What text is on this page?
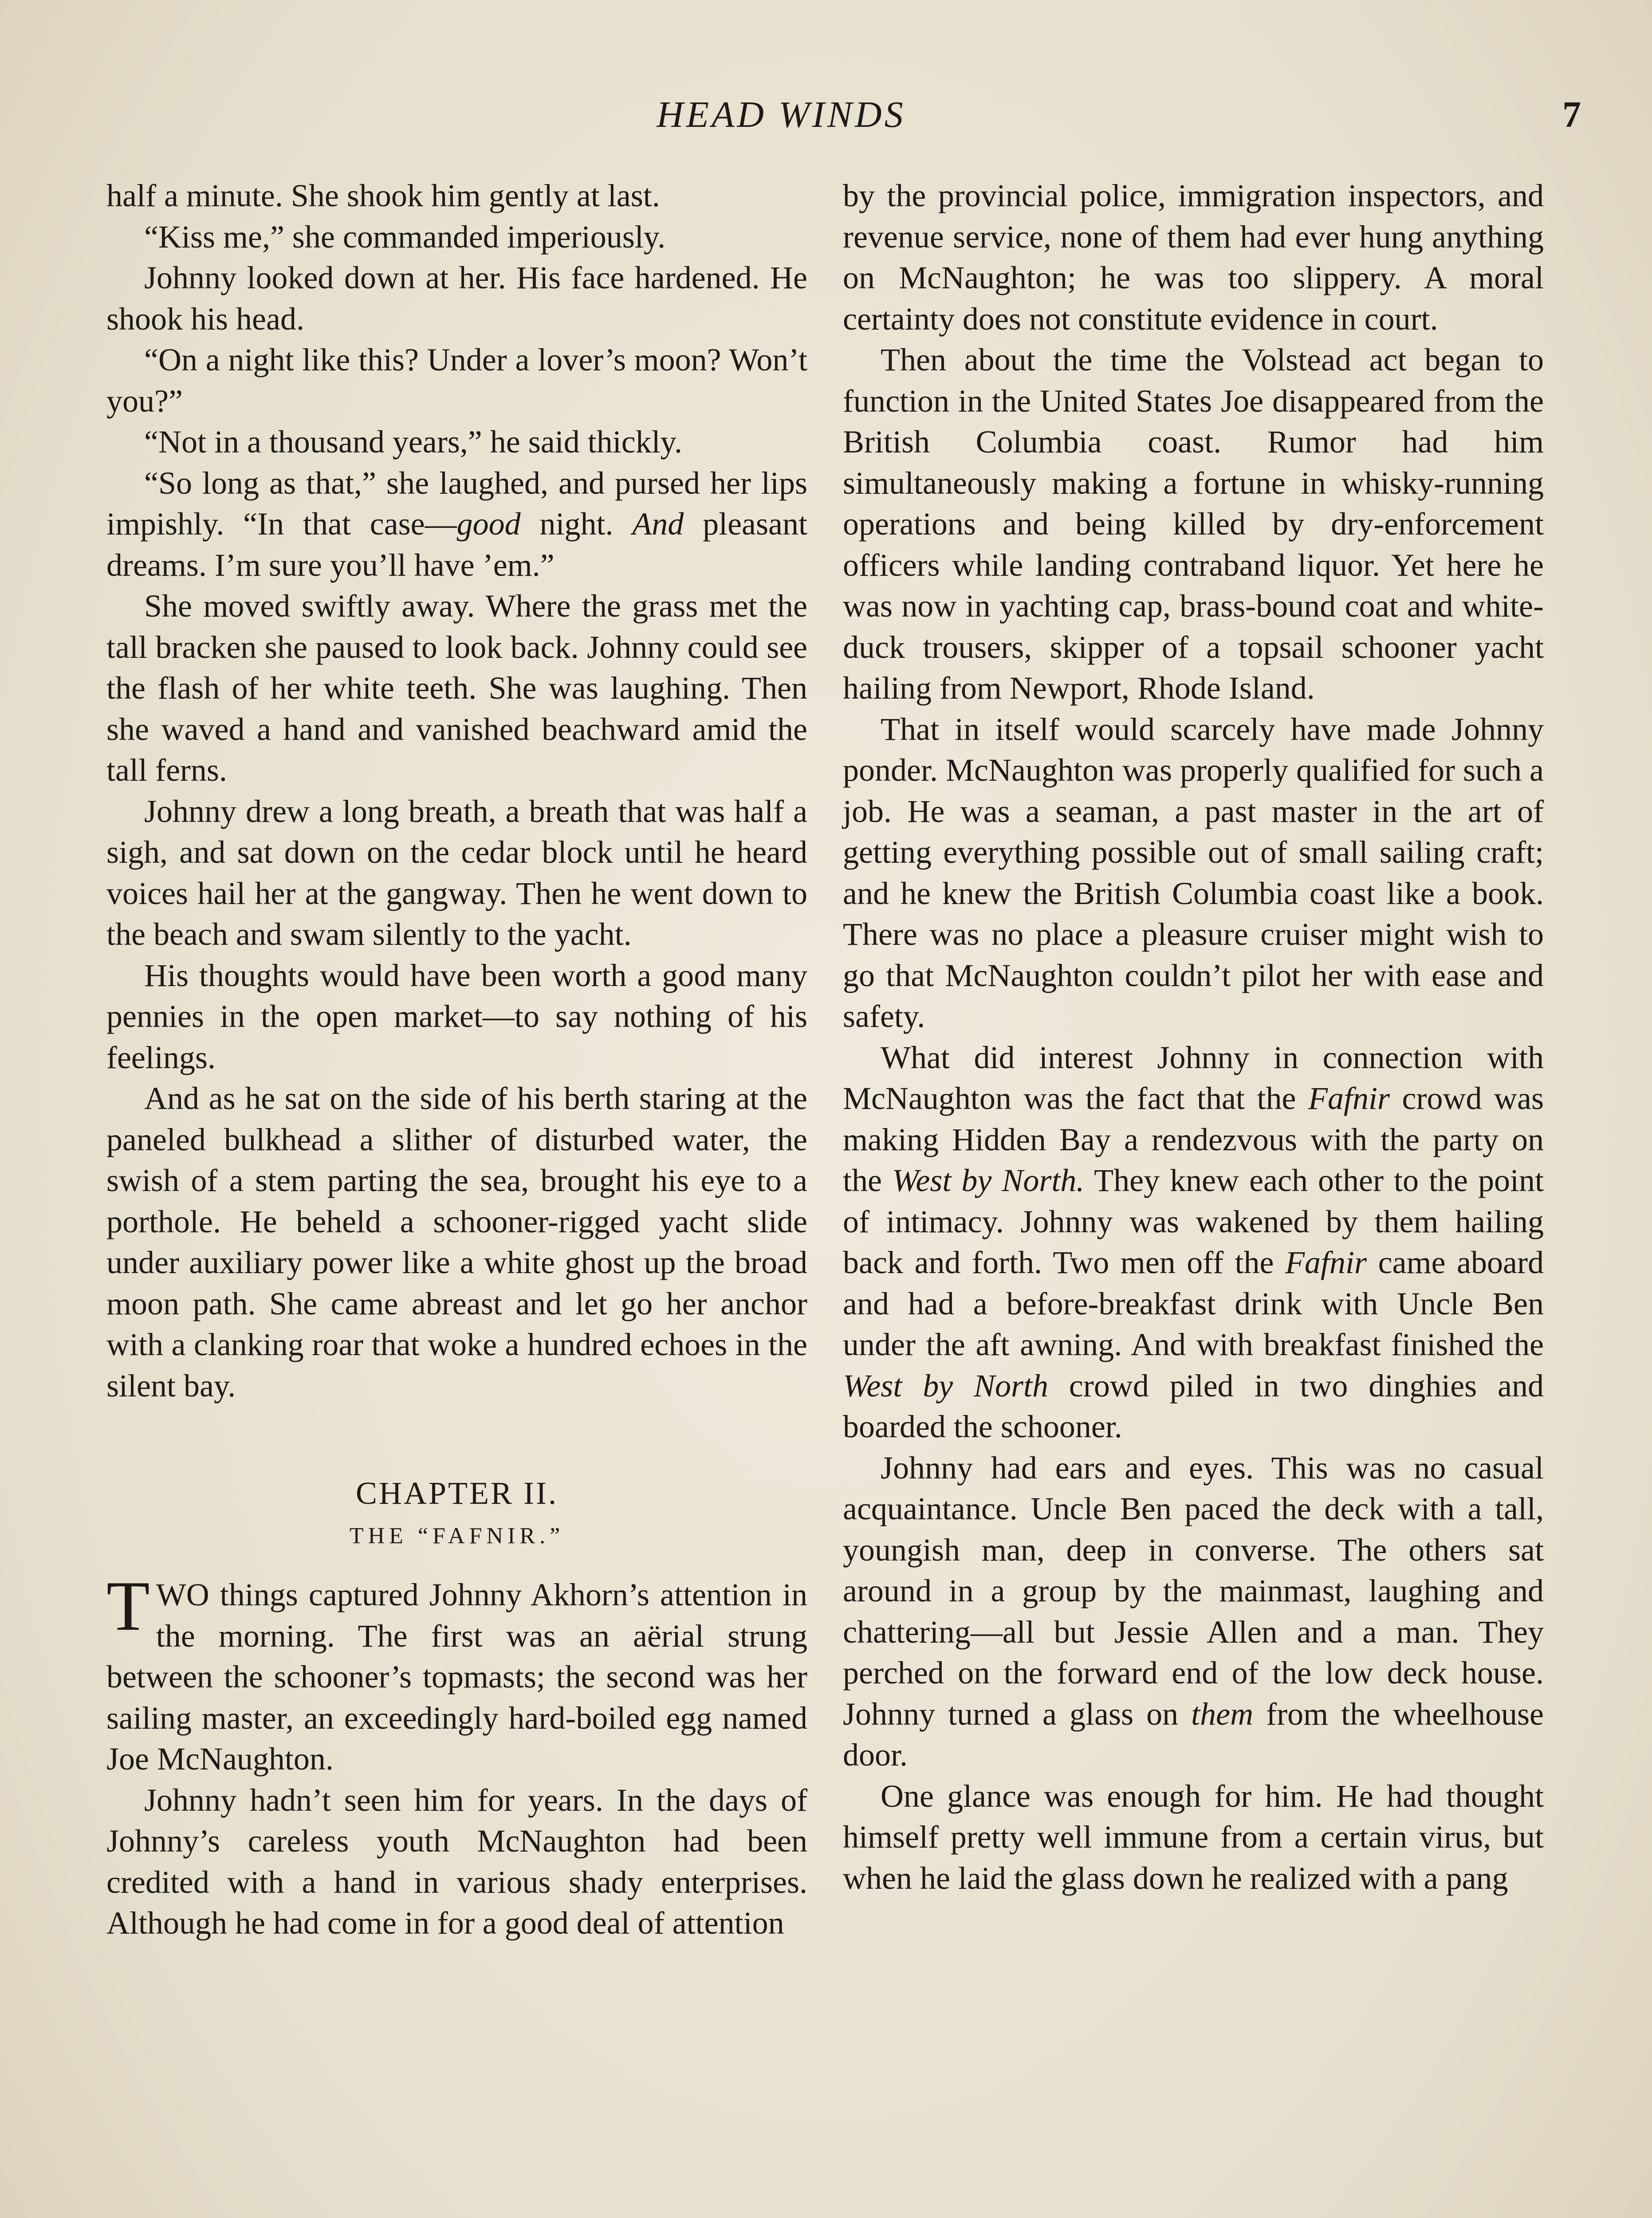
HEAD WINDS	7

half a minute. She shook him gently at last.

“Kiss me,” she commanded imperiously.

Johnny looked down at her. His face hardened. He shook his head.

“On a night like this? Under a lover’s moon? Won’t you?”

“Not in a thousand years,” he said thickly.

“So long as that,” she laughed, and pursed her lips impishly. “In that case—good night. And pleasant dreams. I’m sure you’ll have ’em.”

She moved swiftly away. Where the grass met the tall bracken she paused to look back. Johnny could see the flash of her white teeth. She was laughing. Then she waved a hand and vanished beachward amid the tall ferns.

Johnny drew a long breath, a breath that was half a sigh, and sat down on the cedar block until he heard voices hail her at the gangway. Then he went down to the beach and swam silently to the yacht.

His thoughts would have been worth a good many pennies in the open market—to say nothing of his feelings.

And as he sat on the side of his berth staring at the paneled bulkhead a slither of disturbed water, the swish of a stem parting the sea, brought his eye to a porthole. He beheld a schooner-rigged yacht slide under auxiliary power like a white ghost up the broad moon path. She came abreast and let go her anchor with a clanking roar that woke a hundred echoes in the silent bay.

CHAPTER II.
THE “FAFNIR.”

TWO things captured Johnny Akhorn’s attention in the morning. The first was an aërial strung between the schooner’s topmasts; the second was her sailing master, an exceedingly hard-boiled egg named Joe McNaughton.

Johnny hadn’t seen him for years. In the days of Johnny’s careless youth McNaughton had been credited with a hand in various shady enterprises. Although he had come in for a good deal of attention

by the provincial police, immigration inspectors, and revenue service, none of them had ever hung anything on McNaughton; he was too slippery. A moral certainty does not constitute evidence in court.

Then about the time the Volstead act began to function in the United States Joe disappeared from the British Columbia coast. Rumor had him simultaneously making a fortune in whisky-running operations and being killed by dry-enforcement officers while landing contraband liquor. Yet here he was now in yachting cap, brass-bound coat and white-duck trousers, skipper of a topsail schooner yacht hailing from Newport, Rhode Island.

That in itself would scarcely have made Johnny ponder. McNaughton was properly qualified for such a job. He was a seaman, a past master in the art of getting everything possible out of small sailing craft; and he knew the British Columbia coast like a book. There was no place a pleasure cruiser might wish to go that McNaughton couldn’t pilot her with ease and safety.

What did interest Johnny in connection with McNaughton was the fact that the Fafnir crowd was making Hidden Bay a rendezvous with the party on the West by North. They knew each other to the point of intimacy. Johnny was wakened by them hailing back and forth. Two men off the Fafnir came aboard and had a before-breakfast drink with Uncle Ben under the aft awning. And with breakfast finished the West by North crowd piled in two dinghies and boarded the schooner.

Johnny had ears and eyes. This was no casual acquaintance. Uncle Ben paced the deck with a tall, youngish man, deep in converse. The others sat around in a group by the mainmast, laughing and chattering—all but Jessie Allen and a man. They perched on the forward end of the low deck house. Johnny turned a glass on them from the wheelhouse door.

One glance was enough for him. He had thought himself pretty well immune from a certain virus, but when he laid the glass down he realized with a pang
